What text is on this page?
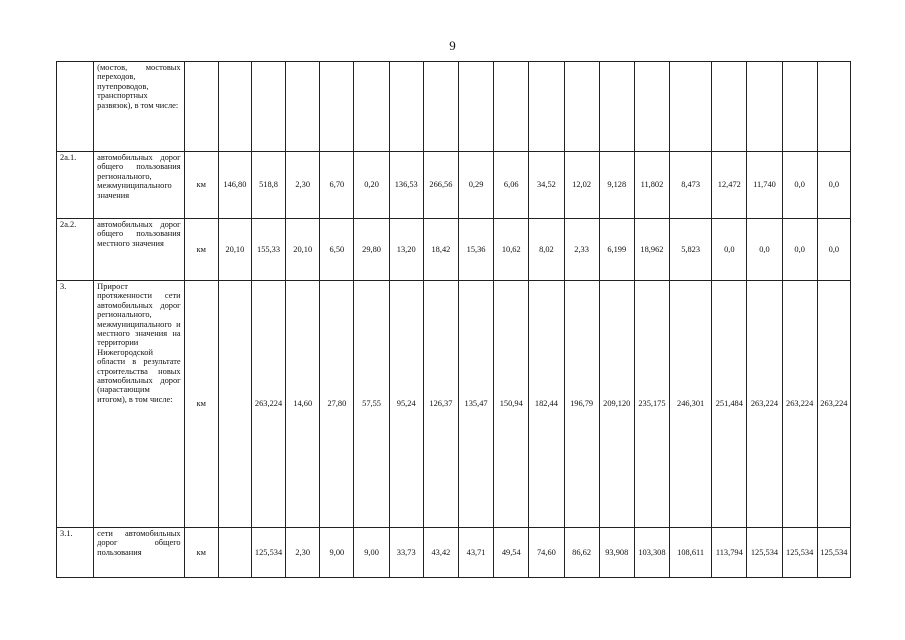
9

	(мостов, мостовых переходов, путепроводов, транспортных развязок), в том числе:																			

2а.1.	автомобильных дорог общего пользования регионального, межмуниципального значения	км	146,80	518,8	2,30	6,70	0,20	136,53	266,56	0,29	6,06	34,52	12,02	9,128	11,802	8,473	12,472	11,740	0,0	0,0
2а.2.	автомобильных дорог общего пользования местного значения	км	20,10	155,33	20,10	6,50	29,80	13,20	18,42	15,36	10,62	8,02	2,33	6,199	18,962	5,823	0,0	0,0	0,0	0,0
3.	Прирост протяженности сети автомобильных дорог регионального, межмуниципального и местного значения на территории Нижегородской области в результате строительства новых автомобильных дорог (нарастающим итогом), в том числе:	км		263,224	14,60	27,80	57,55	95,24	126,37	135,47	150,94	182,44	196,79	209,120	235,175	246,301	251,484	263,224	263,224	263,224
3.1.	сети автомобильных дорог общего пользования	км		125,534	2,30	9,00	9,00	33,73	43,42	43,71	49,54	74,60	86,62	93,908	103,308	108,611	113,794	125,534	125,534	125,534
